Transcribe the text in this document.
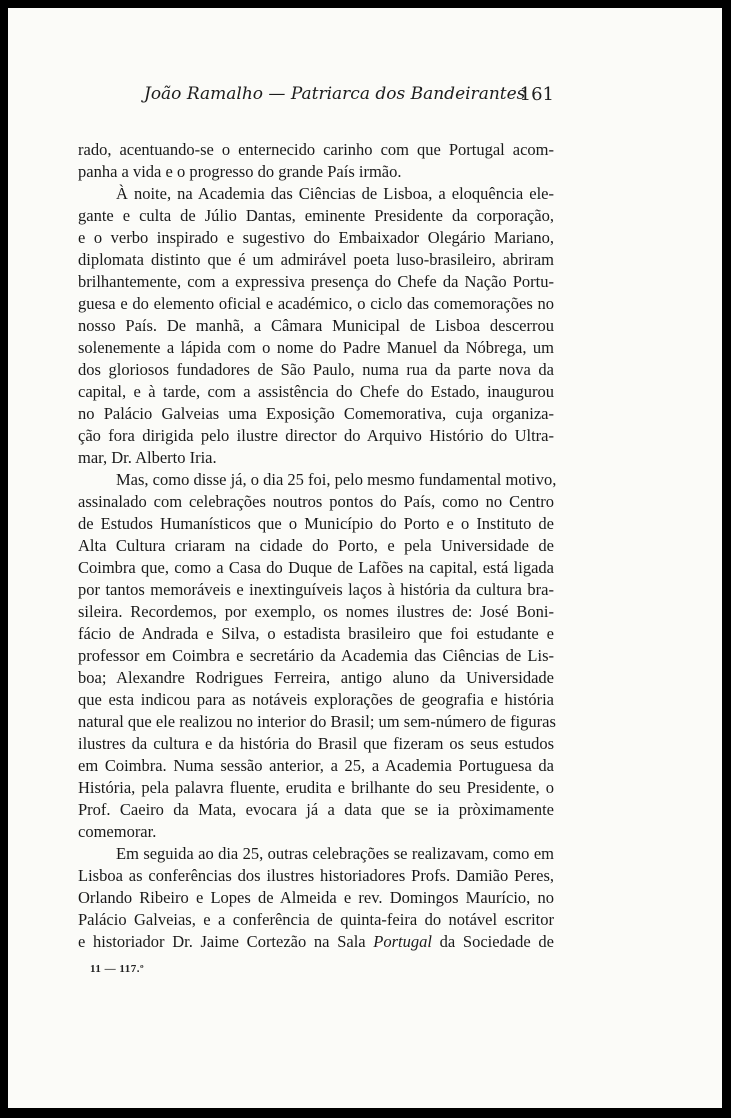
João Ramalho — Patriarca dos Bandeirantes
161
rado, acentuando-se o enternecido carinho com que Portugal acom-
panha a vida e o progresso do grande País irmão.
À noite, na Academia das Ciências de Lisboa, a eloquência ele-
gante e culta de Júlio Dantas, eminente Presidente da corporação,
e o verbo inspirado e sugestivo do Embaixador Olegário Mariano,
diplomata distinto que é um admirável poeta luso-brasileiro, abriram
brilhantemente, com a expressiva presença do Chefe da Nação Portu-
guesa e do elemento oficial e académico, o ciclo das comemorações no
nosso País. De manhã, a Câmara Municipal de Lisboa descerrou
solenemente a lápida com o nome do Padre Manuel da Nóbrega, um
dos gloriosos fundadores de São Paulo, numa rua da parte nova da
capital, e à tarde, com a assistência do Chefe do Estado, inaugurou
no Palácio Galveias uma Exposição Comemorativa, cuja organiza-
ção fora dirigida pelo ilustre director do Arquivo Histório do Ultra-
mar, Dr. Alberto Iria.
Mas, como disse já, o dia 25 foi, pelo mesmo fundamental motivo,
assinalado com celebrações noutros pontos do País, como no Centro
de Estudos Humanísticos que o Município do Porto e o Instituto de
Alta Cultura criaram na cidade do Porto, e pela Universidade de
Coimbra que, como a Casa do Duque de Lafões na capital, está ligada
por tantos memoráveis e inextinguíveis laços à história da cultura bra-
sileira. Recordemos, por exemplo, os nomes ilustres de: José Boni-
fácio de Andrada e Silva, o estadista brasileiro que foi estudante e
professor em Coimbra e secretário da Academia das Ciências de Lis-
boa; Alexandre Rodrigues Ferreira, antigo aluno da Universidade
que esta indicou para as notáveis explorações de geografia e história
natural que ele realizou no interior do Brasil; um sem-número de figuras
ilustres da cultura e da história do Brasil que fizeram os seus estudos
em Coimbra. Numa sessão anterior, a 25, a Academia Portuguesa da
História, pela palavra fluente, erudita e brilhante do seu Presidente, o
Prof. Caeiro da Mata, evocara já a data que se ia pròximamente
comemorar.
Em seguida ao dia 25, outras celebrações se realizavam, como em
Lisboa as conferências dos ilustres historiadores Profs. Damião Peres,
Orlando Ribeiro e Lopes de Almeida e rev. Domingos Maurício, no
Palácio Galveias, e a conferência de quinta-feira do notável escritor
e historiador Dr. Jaime Cortezão na Sala Portugal da Sociedade de
11 — 117.º
